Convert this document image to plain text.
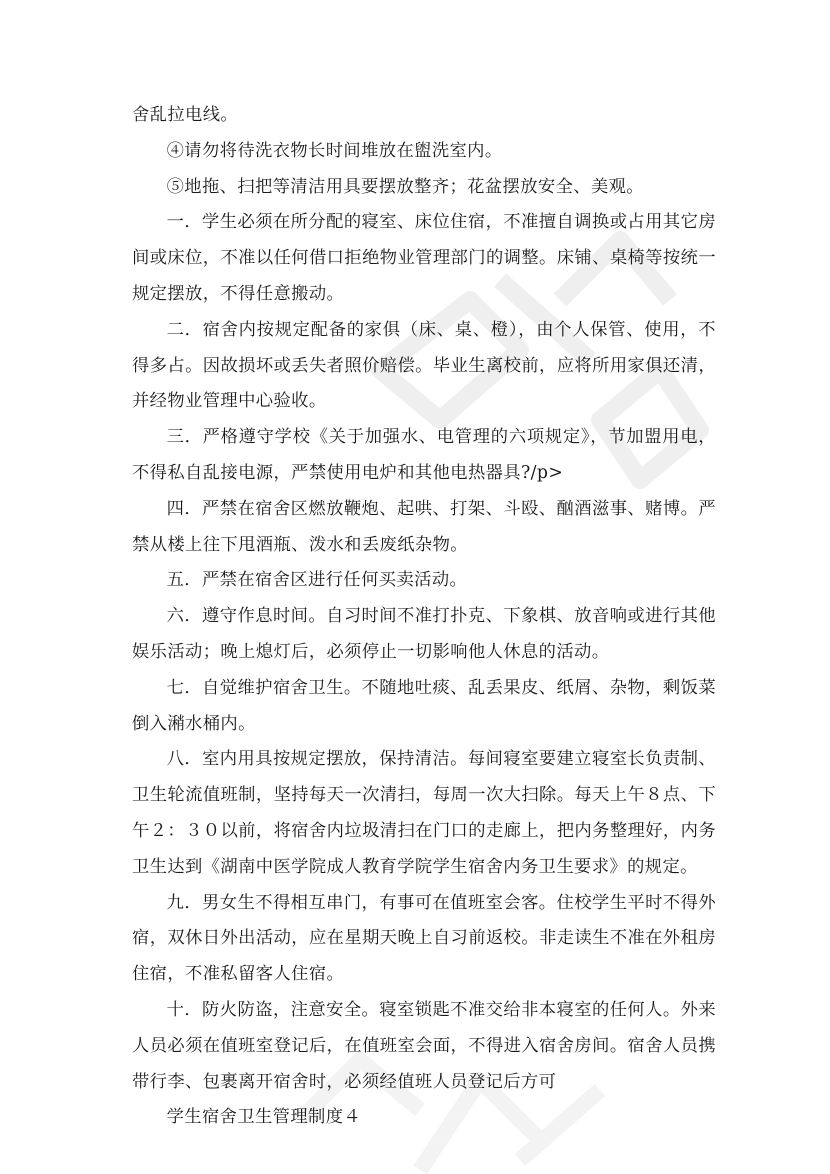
舍乱拉电线。

④请勿将待洗衣物长时间堆放在盥洗室内。

⑤地拖、扫把等清洁用具要摆放整齐；花盆摆放安全、美观。

一．学生必须在所分配的寝室、床位住宿，不准擅自调换或占用其它房间或床位，不准以任何借口拒绝物业管理部门的调整。床铺、桌椅等按统一规定摆放，不得任意搬动。

二．宿舍内按规定配备的家俱（床、桌、橙），由个人保管、使用，不得多占。因故损坏或丢失者照价赔偿。毕业生离校前，应将所用家俱还清，并经物业管理中心验收。

三．严格遵守学校《关于加强水、电管理的六项规定》，节加盟用电，不得私自乱接电源，严禁使用电炉和其他电热器具?/p>

四．严禁在宿舍区燃放鞭炮、起哄、打架、斗殴、酗酒滋事、赌博。严禁从楼上往下甩酒瓶、泼水和丢废纸杂物。

五．严禁在宿舍区进行任何买卖活动。

六．遵守作息时间。自习时间不准打扑克、下象棋、放音响或进行其他娱乐活动；晚上熄灯后，必须停止一切影响他人休息的活动。

七．自觉维护宿舍卫生。不随地吐痰、乱丢果皮、纸屑、杂物，剩饭菜倒入潲水桶内。

八．室内用具按规定摆放，保持清洁。每间寝室要建立寝室长负责制、卫生轮流值班制，坚持每天一次清扫，每周一次大扫除。每天上午８点、下午２：３０以前，将宿舍内垃圾清扫在门口的走廊上，把内务整理好，内务卫生达到《湖南中医学院成人教育学院学生宿舍内务卫生要求》的规定。

九．男女生不得相互串门，有事可在值班室会客。住校学生平时不得外宿，双休日外出活动，应在星期天晚上自习前返校。非走读生不准在外租房住宿，不准私留客人住宿。

十．防火防盗，注意安全。寝室锁匙不准交给非本寝室的任何人。外来人员必须在值班室登记后，在值班室会面，不得进入宿舍房间。宿舍人员携带行李、包裹离开宿舍时，必须经值班人员登记后方可

学生宿舍卫生管理制度４
